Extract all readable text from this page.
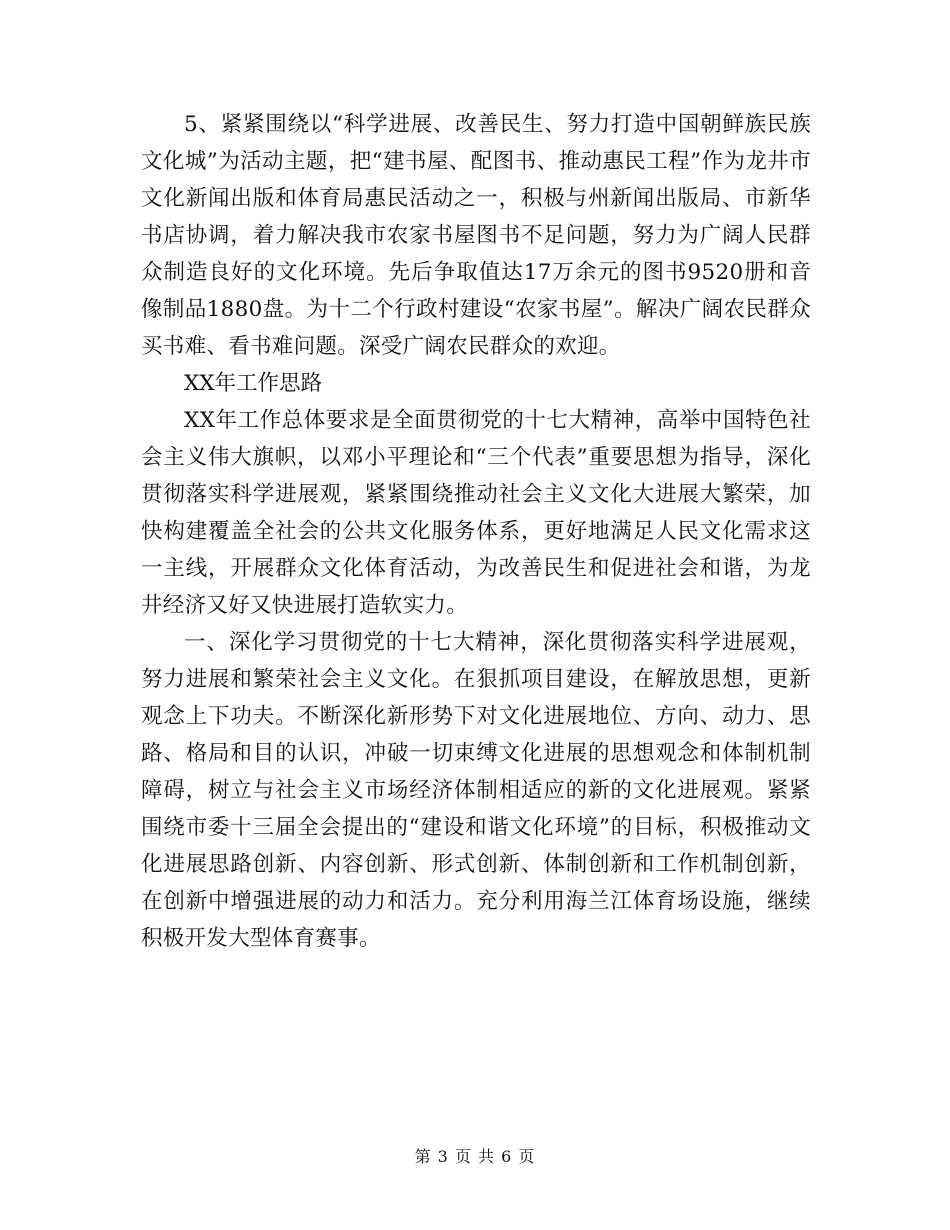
5、紧紧围绕以“科学进展、改善民生、努力打造中国朝鲜族民族文化城”为活动主题，把“建书屋、配图书、推动惠民工程”作为龙井市文化新闻出版和体育局惠民活动之一，积极与州新闻出版局、市新华书店协调，着力解决我市农家书屋图书不足问题，努力为广阔人民群众制造良好的文化环境。先后争取值达17万余元的图书9520册和音像制品1880盘。为十二个行政村建设“农家书屋”。解决广阔农民群众买书难、看书难问题。深受广阔农民群众的欢迎。

XX年工作思路

XX年工作总体要求是全面贯彻党的十七大精神，高举中国特色社会主义伟大旗帜，以邓小平理论和“三个代表”重要思想为指导，深化贯彻落实科学进展观，紧紧围绕推动社会主义文化大进展大繁荣，加快构建覆盖全社会的公共文化服务体系，更好地满足人民文化需求这一主线，开展群众文化体育活动，为改善民生和促进社会和谐，为龙井经济又好又快进展打造软实力。

一、深化学习贯彻党的十七大精神，深化贯彻落实科学进展观，努力进展和繁荣社会主义文化。在狠抓项目建设，在解放思想，更新观念上下功夫。不断深化新形势下对文化进展地位、方向、动力、思路、格局和目的认识，冲破一切束缚文化进展的思想观念和体制机制障碍，树立与社会主义市场经济体制相适应的新的文化进展观。紧紧围绕市委十三届全会提出的“建设和谐文化环境”的目标，积极推动文化进展思路创新、内容创新、形式创新、体制创新和工作机制创新，在创新中增强进展的动力和活力。充分利用海兰江体育场设施，继续积极开发大型体育赛事。

第 3 页 共 6 页
